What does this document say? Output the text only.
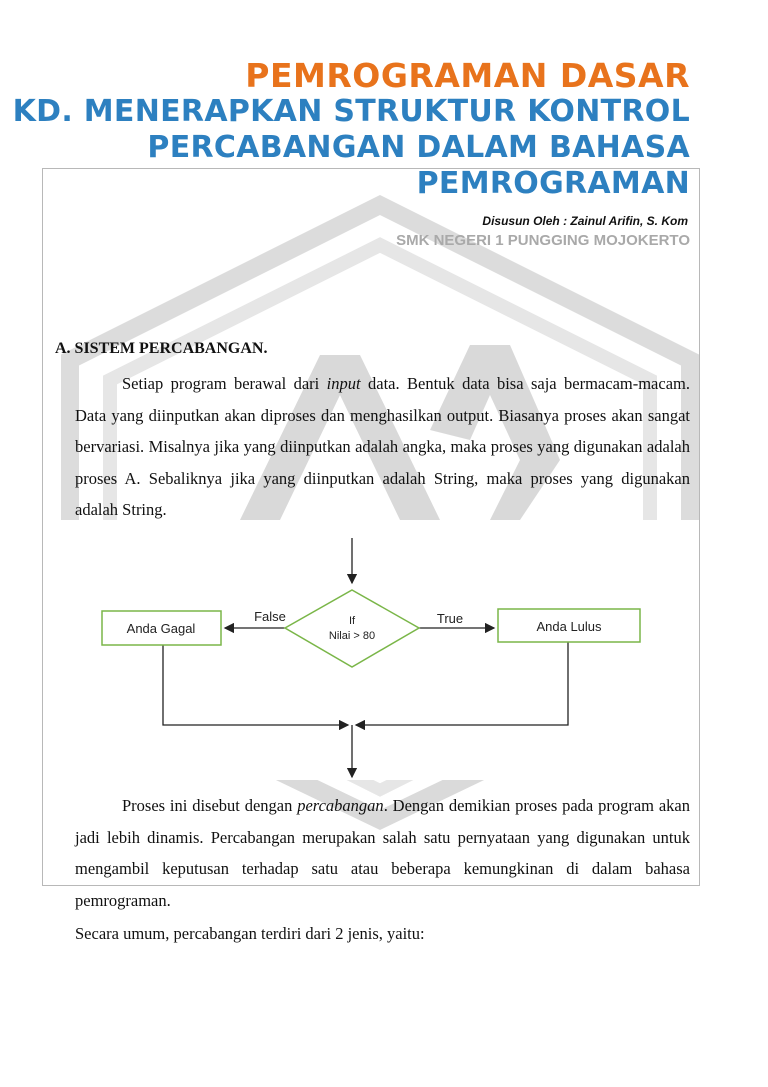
PEMROGRAMAN DASAR
KD. MENERAPKAN STRUKTUR KONTROL
PERCABANGAN DALAM BAHASA
PEMROGRAMAN
Disusun Oleh : Zainul Arifin, S. Kom
SMK NEGERI 1 PUNGGING MOJOKERTO
A. SISTEM PERCABANGAN.

Setiap program berawal dari input data. Bentuk data bisa saja bermacam-macam. Data yang diinputkan akan diproses dan menghasilkan output. Biasanya proses akan sangat bervariasi. Misalnya jika yang diinputkan adalah angka, maka proses yang digunakan adalah proses A. Sebaliknya jika yang diinputkan adalah String, maka proses yang digunakan adalah String.

If
Nilai > 80
False	True
Anda Gagal	Anda Lulus

Proses ini disebut dengan percabangan. Dengan demikian proses pada program akan jadi lebih dinamis. Percabangan merupakan salah satu pernyataan yang digunakan untuk mengambil keputusan terhadap satu atau beberapa kemungkinan di dalam bahasa pemrograman.

Secara umum, percabangan terdiri dari 2 jenis, yaitu:
